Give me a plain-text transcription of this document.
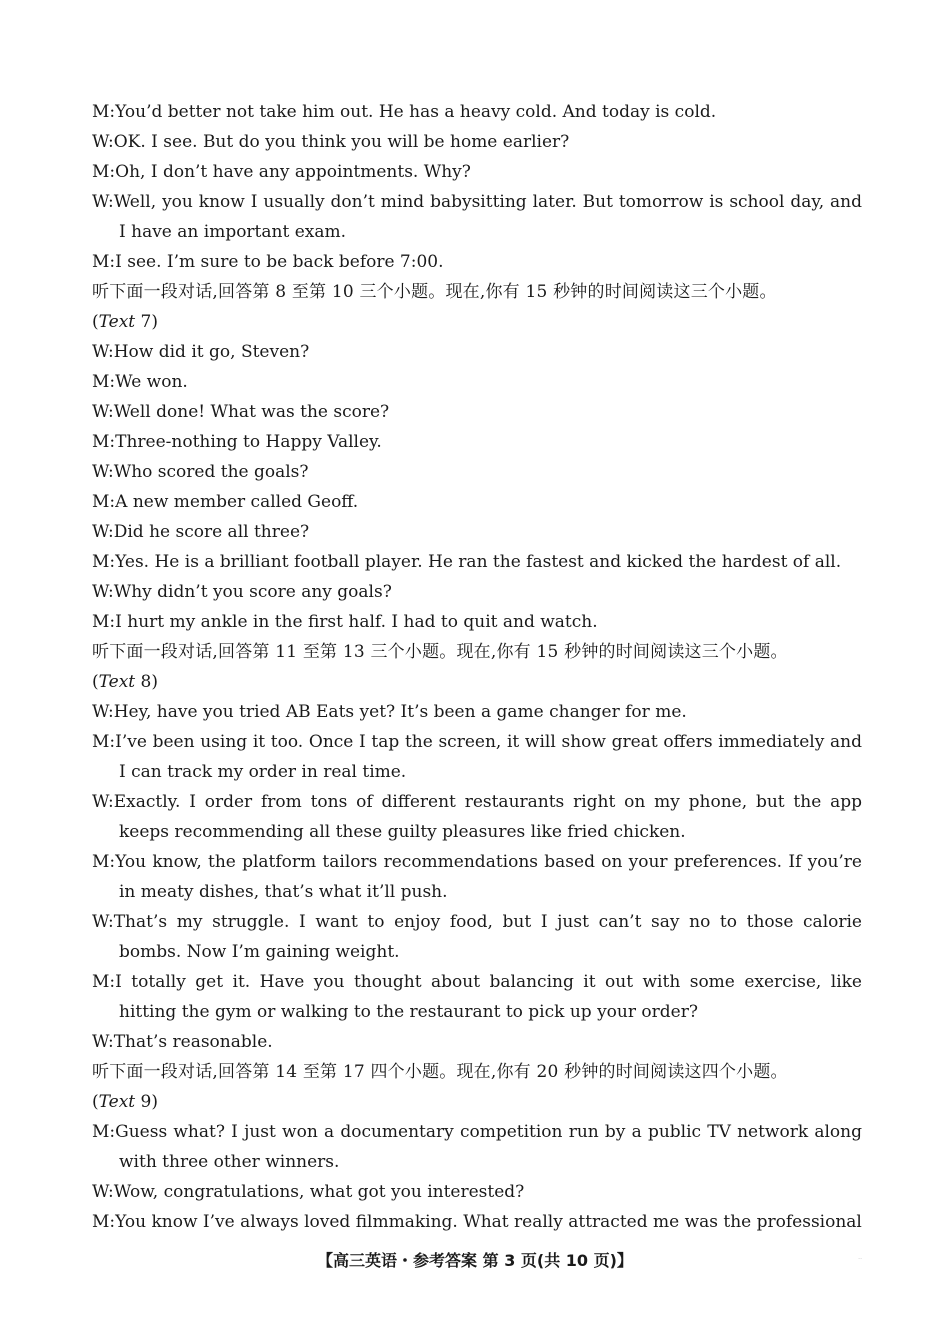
M:You’d better not take him out. He has a heavy cold. And today is cold.
W:OK. I see. But do you think you will be home earlier?
M:Oh, I don’t have any appointments. Why?
W:Well, you know I usually don’t mind babysitting later. But tomorrow is school day, and I have an important exam.
M:I see. I’m sure to be back before 7:00.
听下面一段对话,回答第 8 至第 10 三个小题。现在,你有 15 秒钟的时间阅读这三个小题。
(Text 7)
W:How did it go, Steven?
M:We won.
W:Well done! What was the score?
M:Three-nothing to Happy Valley.
W:Who scored the goals?
M:A new member called Geoff.
W:Did he score all three?
M:Yes. He is a brilliant football player. He ran the fastest and kicked the hardest of all.
W:Why didn’t you score any goals?
M:I hurt my ankle in the first half. I had to quit and watch.
听下面一段对话,回答第 11 至第 13 三个小题。现在,你有 15 秒钟的时间阅读这三个小题。
(Text 8)
W:Hey, have you tried AB Eats yet? It’s been a game changer for me.
M:I’ve been using it too. Once I tap the screen, it will show great offers immediately and I can track my order in real time.
W:Exactly. I order from tons of different restaurants right on my phone, but the app keeps recommending all these guilty pleasures like fried chicken.
M:You know, the platform tailors recommendations based on your preferences. If you’re in meaty dishes, that’s what it’ll push.
W:That’s my struggle. I want to enjoy food, but I just can’t say no to those calorie bombs. Now I’m gaining weight.
M:I totally get it. Have you thought about balancing it out with some exercise, like hitting the gym or walking to the restaurant to pick up your order?
W:That’s reasonable.
听下面一段对话,回答第 14 至第 17 四个小题。现在,你有 20 秒钟的时间阅读这四个小题。
(Text 9)
M:Guess what? I just won a documentary competition run by a public TV network along with three other winners.
W:Wow, congratulations, what got you interested?
M:You know I’ve always loved filmmaking. What really attracted me was the professional
【高三英语・参考答案 第 3 页(共 10 页)】	··
